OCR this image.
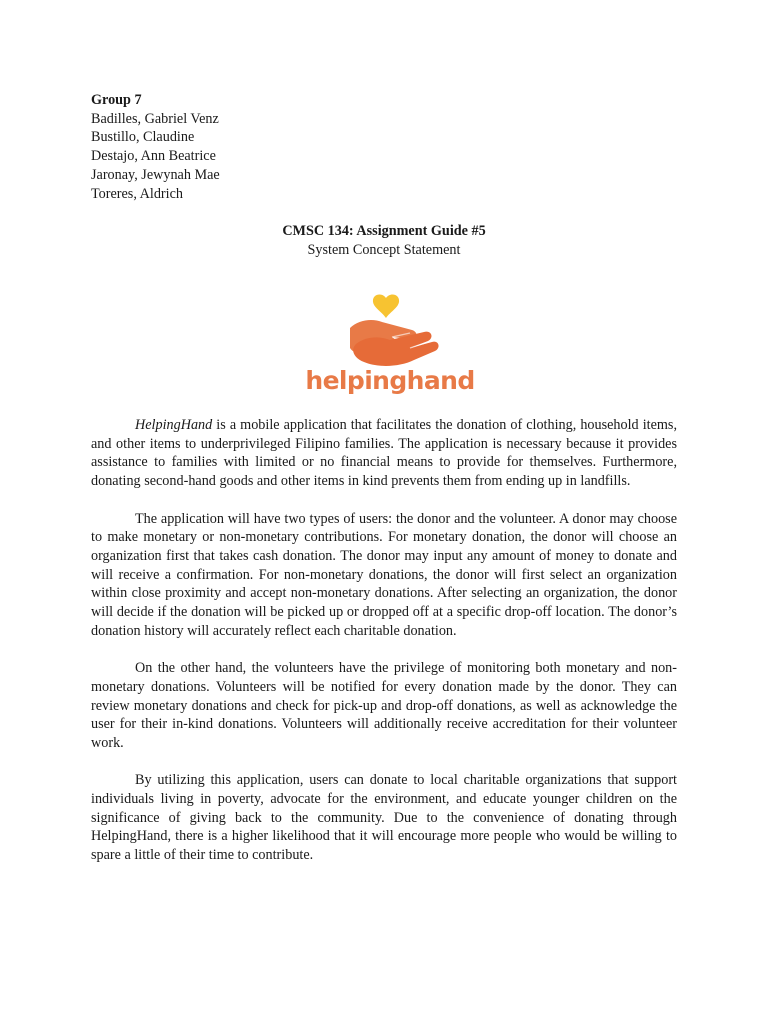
Group 7
Badilles, Gabriel Venz
Bustillo, Claudine
Destajo, Ann Beatrice
Jaronay, Jewynah Mae
Toreres, Aldrich
CMSC 134: Assignment Guide #5
System Concept Statement
helpinghand

HelpingHand is a mobile application that facilitates the donation of clothing, household items, and other items to underprivileged Filipino families. The application is necessary because it provides assistance to families with limited or no financial means to provide for themselves. Furthermore, donating second-hand goods and other items in kind prevents them from ending up in landfills.

The application will have two types of users: the donor and the volunteer. A donor may choose to make monetary or non-monetary contributions. For monetary donation, the donor will choose an organization first that takes cash donation. The donor may input any amount of money to donate and will receive a confirmation. For non-monetary donations, the donor will first select an organization within close proximity and accept non-monetary donations. After selecting an organization, the donor will decide if the donation will be picked up or dropped off at a specific drop-off location. The donor’s donation history will accurately reflect each charitable donation.

On the other hand, the volunteers have the privilege of monitoring both monetary and non-monetary donations. Volunteers will be notified for every donation made by the donor. They can review monetary donations and check for pick-up and drop-off donations, as well as acknowledge the user for their in-kind donations. Volunteers will additionally receive accreditation for their volunteer work.

By utilizing this application, users can donate to local charitable organizations that support individuals living in poverty, advocate for the environment, and educate younger children on the significance of giving back to the community. Due to the convenience of donating through HelpingHand, there is a higher likelihood that it will encourage more people who would be willing to spare a little of their time to contribute.
